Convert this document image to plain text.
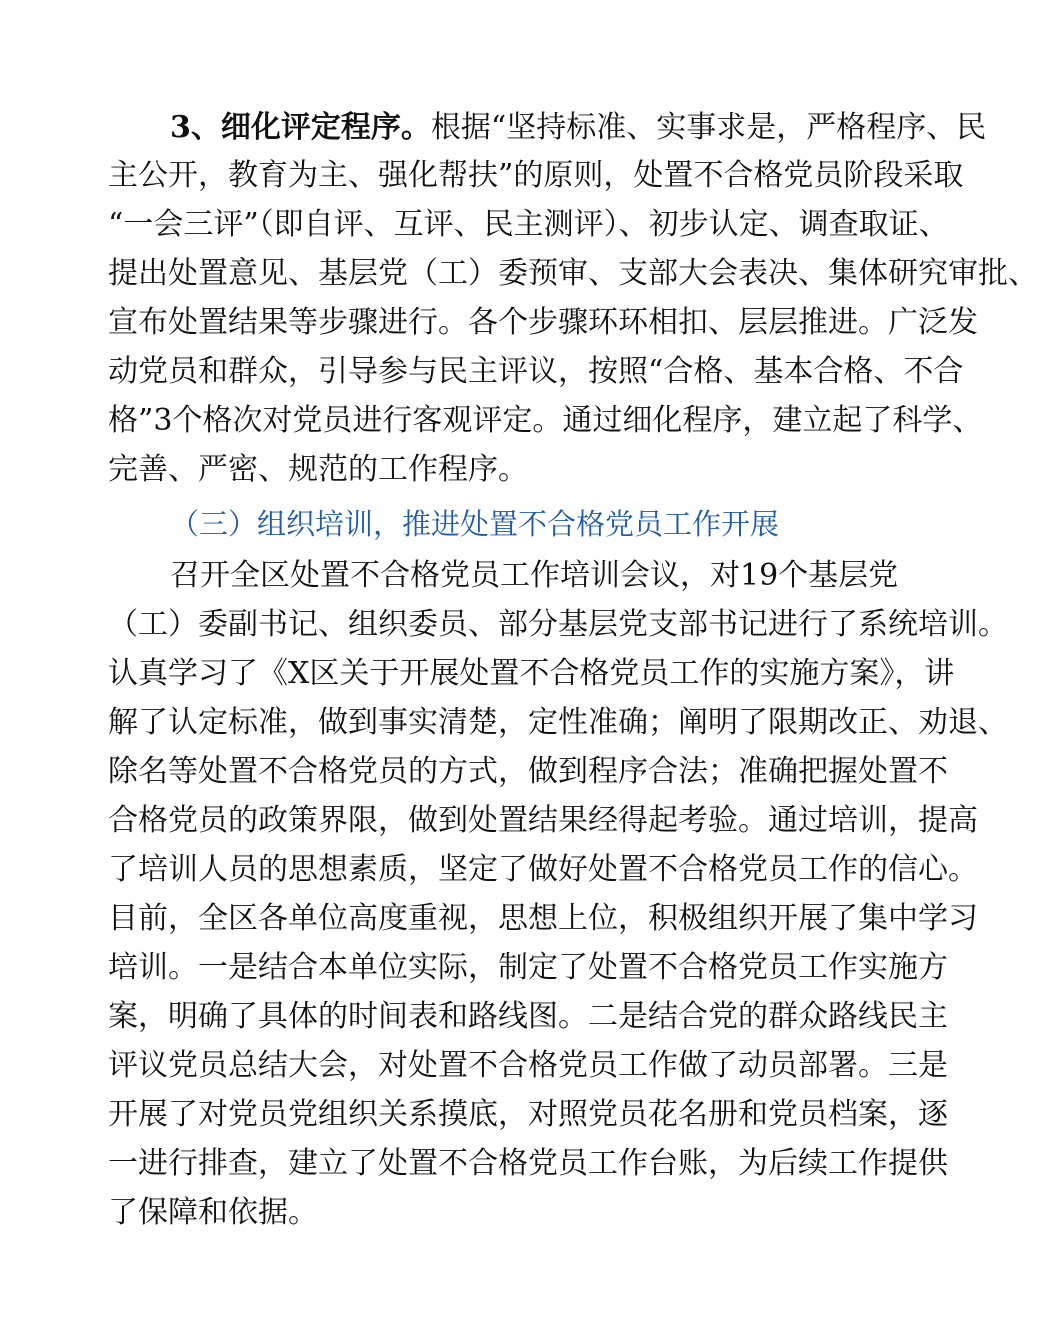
3、细化评定程序。根据“坚持标准、实事求是，严格程序、民
主公开，教育为主、强化帮扶”的原则，处置不合格党员阶段采取
“一会三评”（即自评、互评、民主测评）、初步认定、调查取证、
提出处置意见、基层党（工）委预审、支部大会表决、集体研究审批、
宣布处置结果等步骤进行。各个步骤环环相扣、层层推进。广泛发
动党员和群众，引导参与民主评议，按照“合格、基本合格、不合
格”3个格次对党员进行客观评定。通过细化程序，建立起了科学、
完善、严密、规范的工作程序。
（三）组织培训，推进处置不合格党员工作开展
召开全区处置不合格党员工作培训会议，对19个基层党
（工）委副书记、组织委员、部分基层党支部书记进行了系统培训。
认真学习了《X区关于开展处置不合格党员工作的实施方案》，讲
解了认定标准，做到事实清楚，定性准确；阐明了限期改正、劝退、
除名等处置不合格党员的方式，做到程序合法；准确把握处置不
合格党员的政策界限，做到处置结果经得起考验。通过培训，提高
了培训人员的思想素质，坚定了做好处置不合格党员工作的信心。
目前，全区各单位高度重视，思想上位，积极组织开展了集中学习
培训。一是结合本单位实际，制定了处置不合格党员工作实施方
案，明确了具体的时间表和路线图。二是结合党的群众路线民主
评议党员总结大会，对处置不合格党员工作做了动员部署。三是
开展了对党员党组织关系摸底，对照党员花名册和党员档案，逐
一进行排查，建立了处置不合格党员工作台账，为后续工作提供
了保障和依据。
